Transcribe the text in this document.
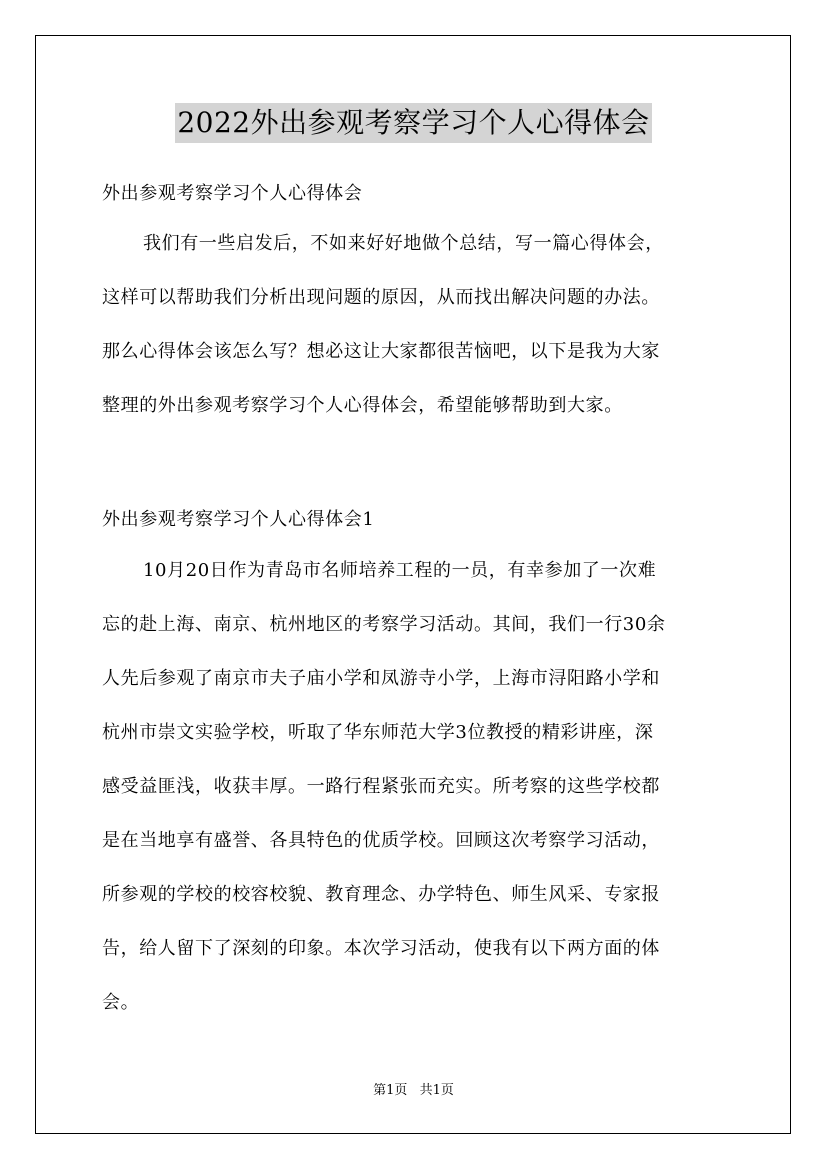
2022外出参观考察学习个人心得体会
外出参观考察学习个人心得体会
我们有一些启发后，不如来好好地做个总结，写一篇心得体会，
这样可以帮助我们分析出现问题的原因，从而找出解决问题的办法。
那么心得体会该怎么写？想必这让大家都很苦恼吧，以下是我为大家
整理的外出参观考察学习个人心得体会，希望能够帮助到大家。
外出参观考察学习个人心得体会1
10月20日作为青岛市名师培养工程的一员，有幸参加了一次难
忘的赴上海、南京、杭州地区的考察学习活动。其间，我们一行30余
人先后参观了南京市夫子庙小学和凤游寺小学，上海市浔阳路小学和
杭州市崇文实验学校，听取了华东师范大学3位教授的精彩讲座，深
感受益匪浅，收获丰厚。一路行程紧张而充实。所考察的这些学校都
是在当地享有盛誉、各具特色的优质学校。回顾这次考察学习活动，
所参观的学校的校容校貌、教育理念、办学特色、师生风采、专家报
告，给人留下了深刻的印象。本次学习活动，使我有以下两方面的体
会。
第1页 共1页
